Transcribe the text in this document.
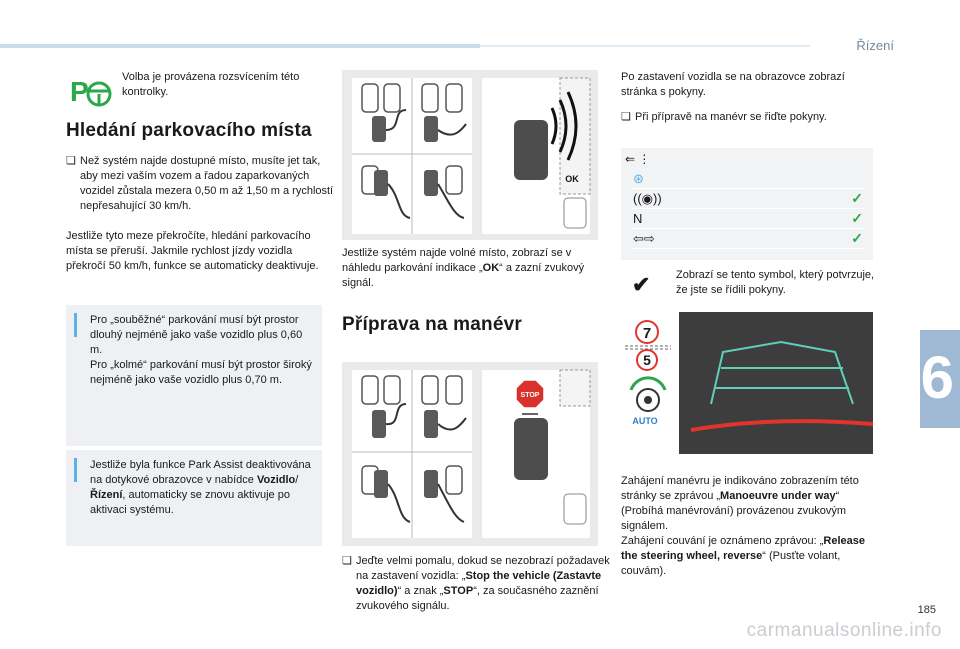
Řízení
6
185
carmanualsonline.info
P	Volba je provázena rozsvícením této kontrolky.
Hledání parkovacího místa
❏ Než systém najde dostupné místo, musíte jet tak, aby mezi vaším vozem a řadou zaparkovaných vozidel zůstala mezera 0,50 m až 1,50 m a rychlostí nepřesahující 30 km/h.
Jestliže tyto meze překročíte, hledání parkovacího místa se přeruší. Jakmile rychlost jízdy vozidla překročí 50 km/h, funkce se automaticky deaktivuje.

Pro „souběžné“ parkování musí být prostor dlouhý nejméně jako vaše vozidlo plus 0,60 m.

Pro „kolmé“ parkování musí být prostor široký nejméně jako vaše vozidlo plus 0,70 m.

Jestliže byla funkce Park Assist deaktivována na dotykové obrazovce v nabídce Vozidlo/Řízení, automaticky se znovu aktivuje po aktivaci systému.

OK
Jestliže systém najde volné místo, zobrazí se v náhledu parkování indikace „OK“ a zazní zvukový signál.
Příprava na manévr
STOP
❏ Jeďte velmi pomalu, dokud se nezobrazí požadavek na zastavení vozidla: „Stop the vehicle (Zastavte vozidlo)“ a znak „STOP“, za současného zaznění zvukového signálu.
Po zastavení vozidla se na obrazovce zobrazí stránka s pokyny.
❏ Při přípravě na manévr se řiďte pokyny.
⇐ ⋮
⊛
((◉))	✓
N	✓
⇦⇨	✓
✔ Zobrazí se tento symbol, který potvrzuje, že jste se řídili pokyny.
7
5
AUTO
Zahájení manévru je indikováno zobrazením této stránky se zprávou „Manoeuvre under way“ (Probíhá manévrování) provázenou zvukovým signálem.
Zahájení couvání je oznámeno zprávou: „Release the steering wheel, reverse“ (Pusťte volant, couvám).
